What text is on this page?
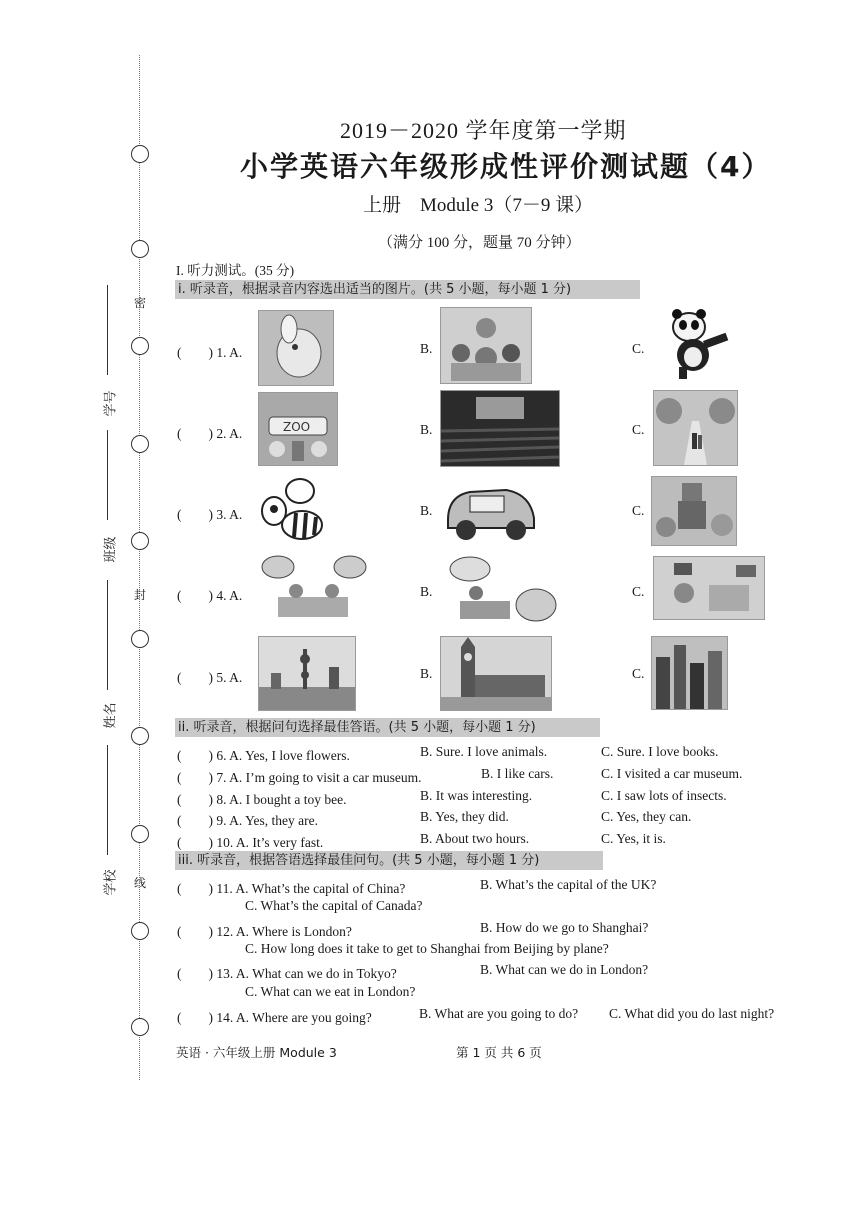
密
封
线
学号
班级
姓名
学校
2019－2020 学年度第一学期
小学英语六年级形成性评价测试题（4）
上册　Module 3（7－9 课）
（满分 100 分，题量 70 分钟）
I. 听力测试。(35 分)
i. 听录音，根据录音内容选出适当的图片。(共 5 小题，每小题 1 分)
(　　) 1. A.	B.	C.
(　　) 2. A.	ZOO	B.	C.
(　　) 3. A.	B.	C.
(　　) 4. A.	B.	C.
(　　) 5. A.	B.	C.
ii. 听录音，根据问句选择最佳答语。(共 5 小题，每小题 1 分)
(　　) 6. A. Yes, I love flowers.	B. Sure. I love animals.	C. Sure. I love books.
(　　) 7. A. I’m going to visit a car museum.	B. I like cars.	C. I visited a car museum.
(　　) 8. A. I bought a toy bee.	B. It was interesting.	C. I saw lots of insects.
(　　) 9. A. Yes, they are.	B. Yes, they did.	C. Yes, they can.
(　　) 10. A. It’s very fast.	B. About two hours.	C. Yes, it is.
iii. 听录音，根据答语选择最佳问句。(共 5 小题，每小题 1 分)
(　　) 11. A. What’s the capital of China?	B. What’s the capital of the UK?
C. What’s the capital of Canada?
(　　) 12. A. Where is London?	B. How do we go to Shanghai?
C. How long does it take to get to Shanghai from Beijing by plane?
(　　) 13. A. What can we do in Tokyo?	B. What can we do in London?
C. What can we eat in London?
(　　) 14. A. Where are you going?	B. What are you going to do? C. What did you do last night?
英语 · 六年级上册 Module 3	第 1 页 共 6 页
